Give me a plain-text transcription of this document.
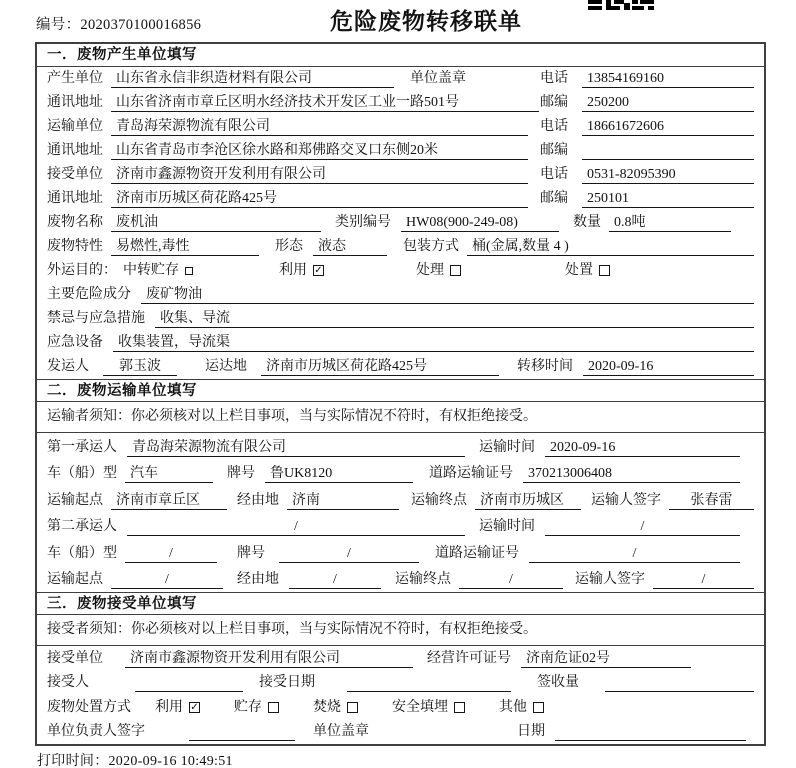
编号：2020370100016856	危险废物转移联单
一．废物产生单位填写
产生单位 山东省永信非织造材料有限公司	单位盖章	电话	13854169160
通讯地址 山东省济南市章丘区明水经济技术开发区工业一路501号	邮编	250200
运输单位 青岛海荣源物流有限公司	电话	18661672606
通讯地址 山东省青岛市李沧区徐水路和郑佛路交叉口东侧20米	邮编
接受单位 济南市鑫源物资开发利用有限公司	电话	0531-82095390
通讯地址 济南市历城区荷花路425号	邮编	250101
废物名称 废机油	类别编号	HW08(900-249-08)	数量 0.8吨
废物特性 易燃性,毒性	形态	液态	包装方式 桶(金属,数量 4 )
外运目的： 中转贮存	利用 ✓	处理	处置
主要危险成分	废矿物油
禁忌与应急措施	收集、导流
应急设备	收集装置，导流渠
发运人	郭玉波	运达地	济南市历城区荷花路425号	转移时间	2020-09-16
二．废物运输单位填写
运输者须知：你必须核对以上栏目事项，当与实际情况不符时，有权拒绝接受。
第一承运人	青岛海荣源物流有限公司	运输时间	2020-09-16
车（船）型 汽车	牌号	鲁UK8120	道路运输证号	370213006408
运输起点 济南市章丘区	经由地 济南	运输终点 济南市历城区	运输人签字	张春雷
第二承运人	/	运输时间	/
车（船）型	/	牌号	/	道路运输证号	/
运输起点	/	经由地	/	运输终点	/	运输人签字	/
三．废物接受单位填写
接受者须知：你必须核对以上栏目事项，当与实际情况不符时，有权拒绝接受。
接受单位	济南市鑫源物资开发利用有限公司	经营许可证号	济南危证02号
接受人	接受日期	签收量
废物处置方式 利用 ✓	贮存	焚烧	安全填埋	其他
单位负责人签字	单位盖章	日期
打印时间：2020-09-16 10:49:51
